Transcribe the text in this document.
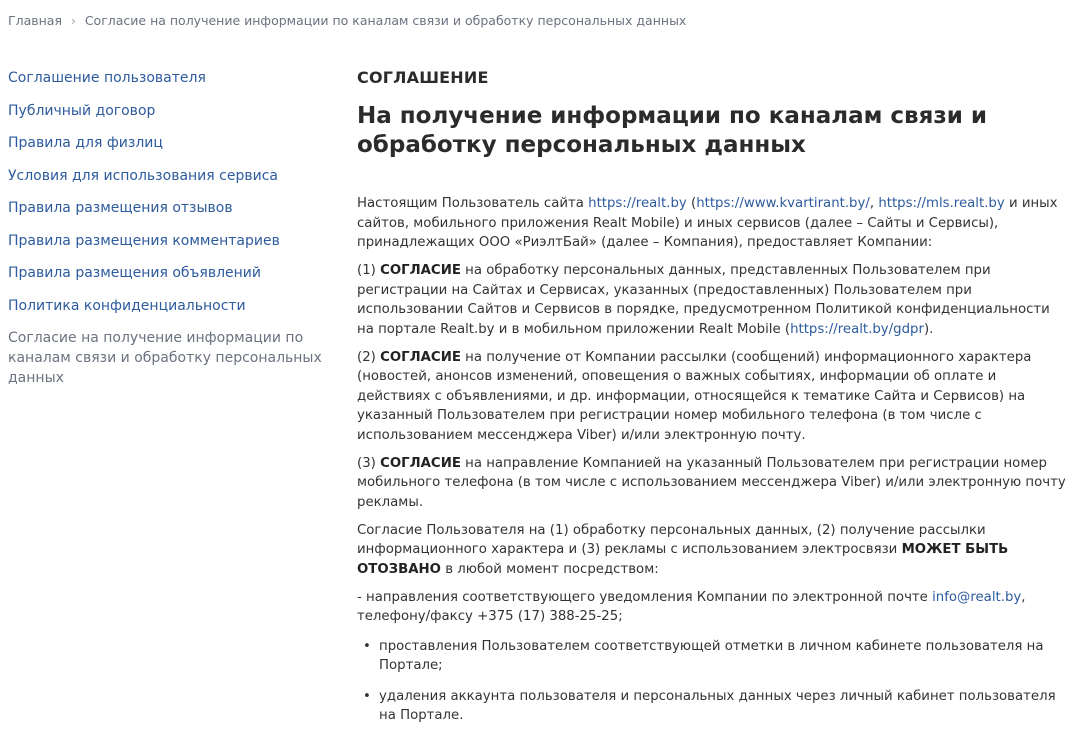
Главная › Согласие на получение информации по каналам связи и обработку персональных данных
Соглашение пользователя
Публичный договор
Правила для физлиц
Условия для использования сервиса
Правила размещения отзывов
Правила размещения комментариев
Правила размещения объявлений
Политика конфиденциальности
Согласие на получение информации по каналам связи и обработку персональных данных
СОГЛАШЕНИЕ
На получение информации по каналам связи и обработку персональных данных

Настоящим Пользователь сайта https://realt.by (https://www.kvartirant.by/, https://mls.realt.by и иных сайтов, мобильного приложения Realt Mobile) и иных сервисов (далее – Сайты и Сервисы), принадлежащих ООО «РиэлтБай» (далее – Компания), предоставляет Компании:

(1) СОГЛАСИЕ на обработку персональных данных, представленных Пользователем при регистрации на Сайтах и Сервисах, указанных (предоставленных) Пользователем при использовании Сайтов и Сервисов в порядке, предусмотренном Политикой конфиденциальности на портале Realt.by и в мобильном приложении Realt Mobile (https://realt.by/gdpr).

(2) СОГЛАСИЕ на получение от Компании рассылки (сообщений) информационного характера (новостей, анонсов изменений, оповещения о важных событиях, информации об оплате и действиях с объявлениями, и др. информации, относящейся к тематике Сайта и Сервисов) на указанный Пользователем при регистрации номер мобильного телефона (в том числе с использованием мессенджера Viber) и/или электронную почту.

(3) СОГЛАСИЕ на направление Компанией на указанный Пользователем при регистрации номер мобильного телефона (в том числе с использованием мессенджера Viber) и/или электронную почту рекламы.

Согласие Пользователя на (1) обработку персональных данных, (2) получение рассылки информационного характера и (3) рекламы с использованием электросвязи МОЖЕТ БЫТЬ ОТОЗВАНО в любой момент посредством:

- направления соответствующего уведомления Компании по электронной почте info@realt.by, телефону/факсу +375 (17) 388-25-25;

• проставления Пользователем соответствующей отметки в личном кабинете пользователя на Портале;
• удаления аккаунта пользователя и персональных данных через личный кабинет пользователя на Портале.
